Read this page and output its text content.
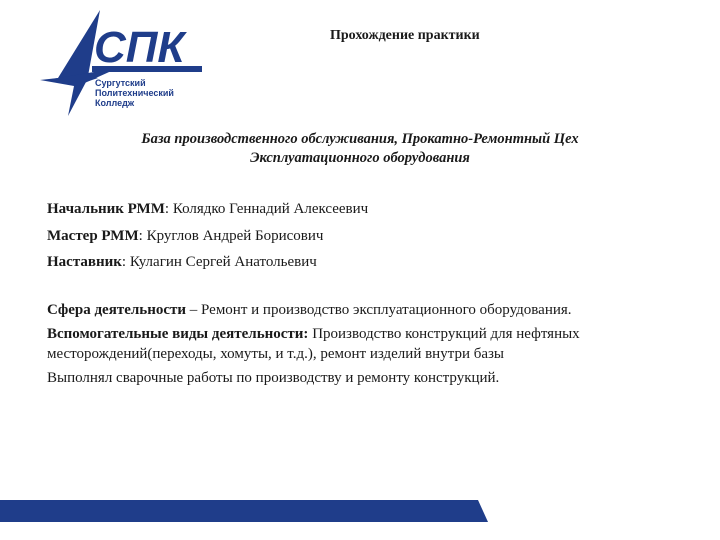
СПК
Сургутский
Политехнический
Колледж
Прохождение практики
База производственного обслуживания, Прокатно-Ремонтный Цех
Эксплуатационного оборудования
Начальник РММ: Колядко Геннадий Алексеевич
Мастер РММ: Круглов Андрей Борисович
Наставник: Кулагин Сергей Анатольевич

Сфера деятельности – Ремонт и производство эксплуатационного оборудования.

Вспомогательные виды деятельности: Производство конструкций для нефтяных месторождений(переходы, хомуты, и т.д.), ремонт изделий внутри базы

Выполнял сварочные работы по производству и ремонту конструкций.
